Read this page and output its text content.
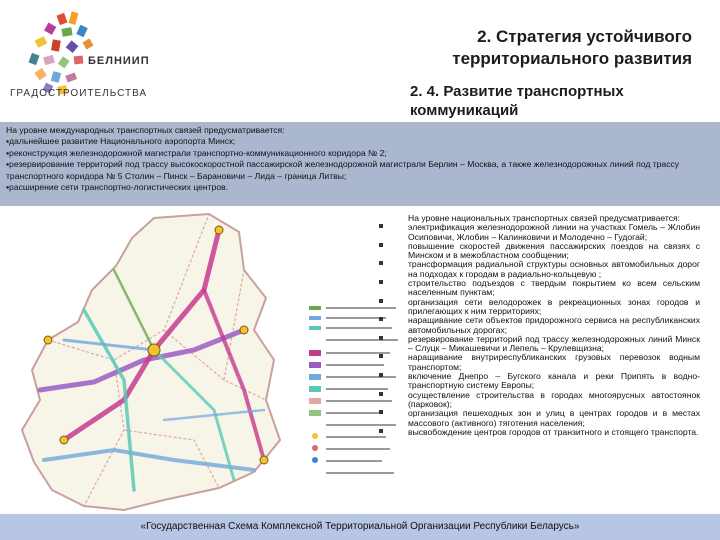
БЕЛНИИП
ГРАДОСТРОИТЕЛЬСТВА
2. Стратегия устойчивого территориального развития
2. 4. Развитие транспортных коммуникаций
На уровне международных транспортных связей предусматривается:
▪дальнейшее развитие Национального аэропорта Минск;
▪реконструкция железнодорожной магистрали транспортно-коммуникационного коридора № 2;
▪резервирование территорий под трассу высокоскоростной пассажирской железнодорожной магистрали Берлин – Москва, а также железнодорожных линий под трассу транспортного коридора № 5 Столин – Пинск – Барановичи – Лида – граница Литвы;
▪расширение сети транспортно-логистических центров.
На уровне национальных транспортных связей предусматривается:
электрификация железнодорожной линии на участках Гомель – Жлобин Осиповичи, Жлобин – Калинковичи и Молодечно – Гудогай;
повышение скоростей движения пассажирских поездов на связях с Минском и в межобластном сообщении;
трансформация радиальной структуры основных автомобильных дорог на подходах к городам в радиально-кольцевую ;
строительство подъездов с твердым покрытием ко всем сельским населенным пунктам;
организация сети велодорожек в рекреационных зонах городов и прилегающих к ним территориях;
наращивание сети объектов придорожного сервиса на республиканских автомобильных дорогах;
резервирование территорий под трассу железнодорожных линий Минск – Слуцк – Микашевичи и Лепель – Крулевщизна;
наращивание внутриреспубликанских грузовых перевозок водным транспортом;
включение Днепро – Бугского канала и реки Припять в водно-транспортную систему Европы;
осуществление строительства в городах многоярусных автостоянок (парковок);
организация пешеходных зон и улиц в центрах городов и в местах массового (активного) тяготения населения;
высвобождение центров городов от транзитного и стоящего транспорта.
«Государственная Схема Комплексной Территориальной Организации Республики Беларусь»
